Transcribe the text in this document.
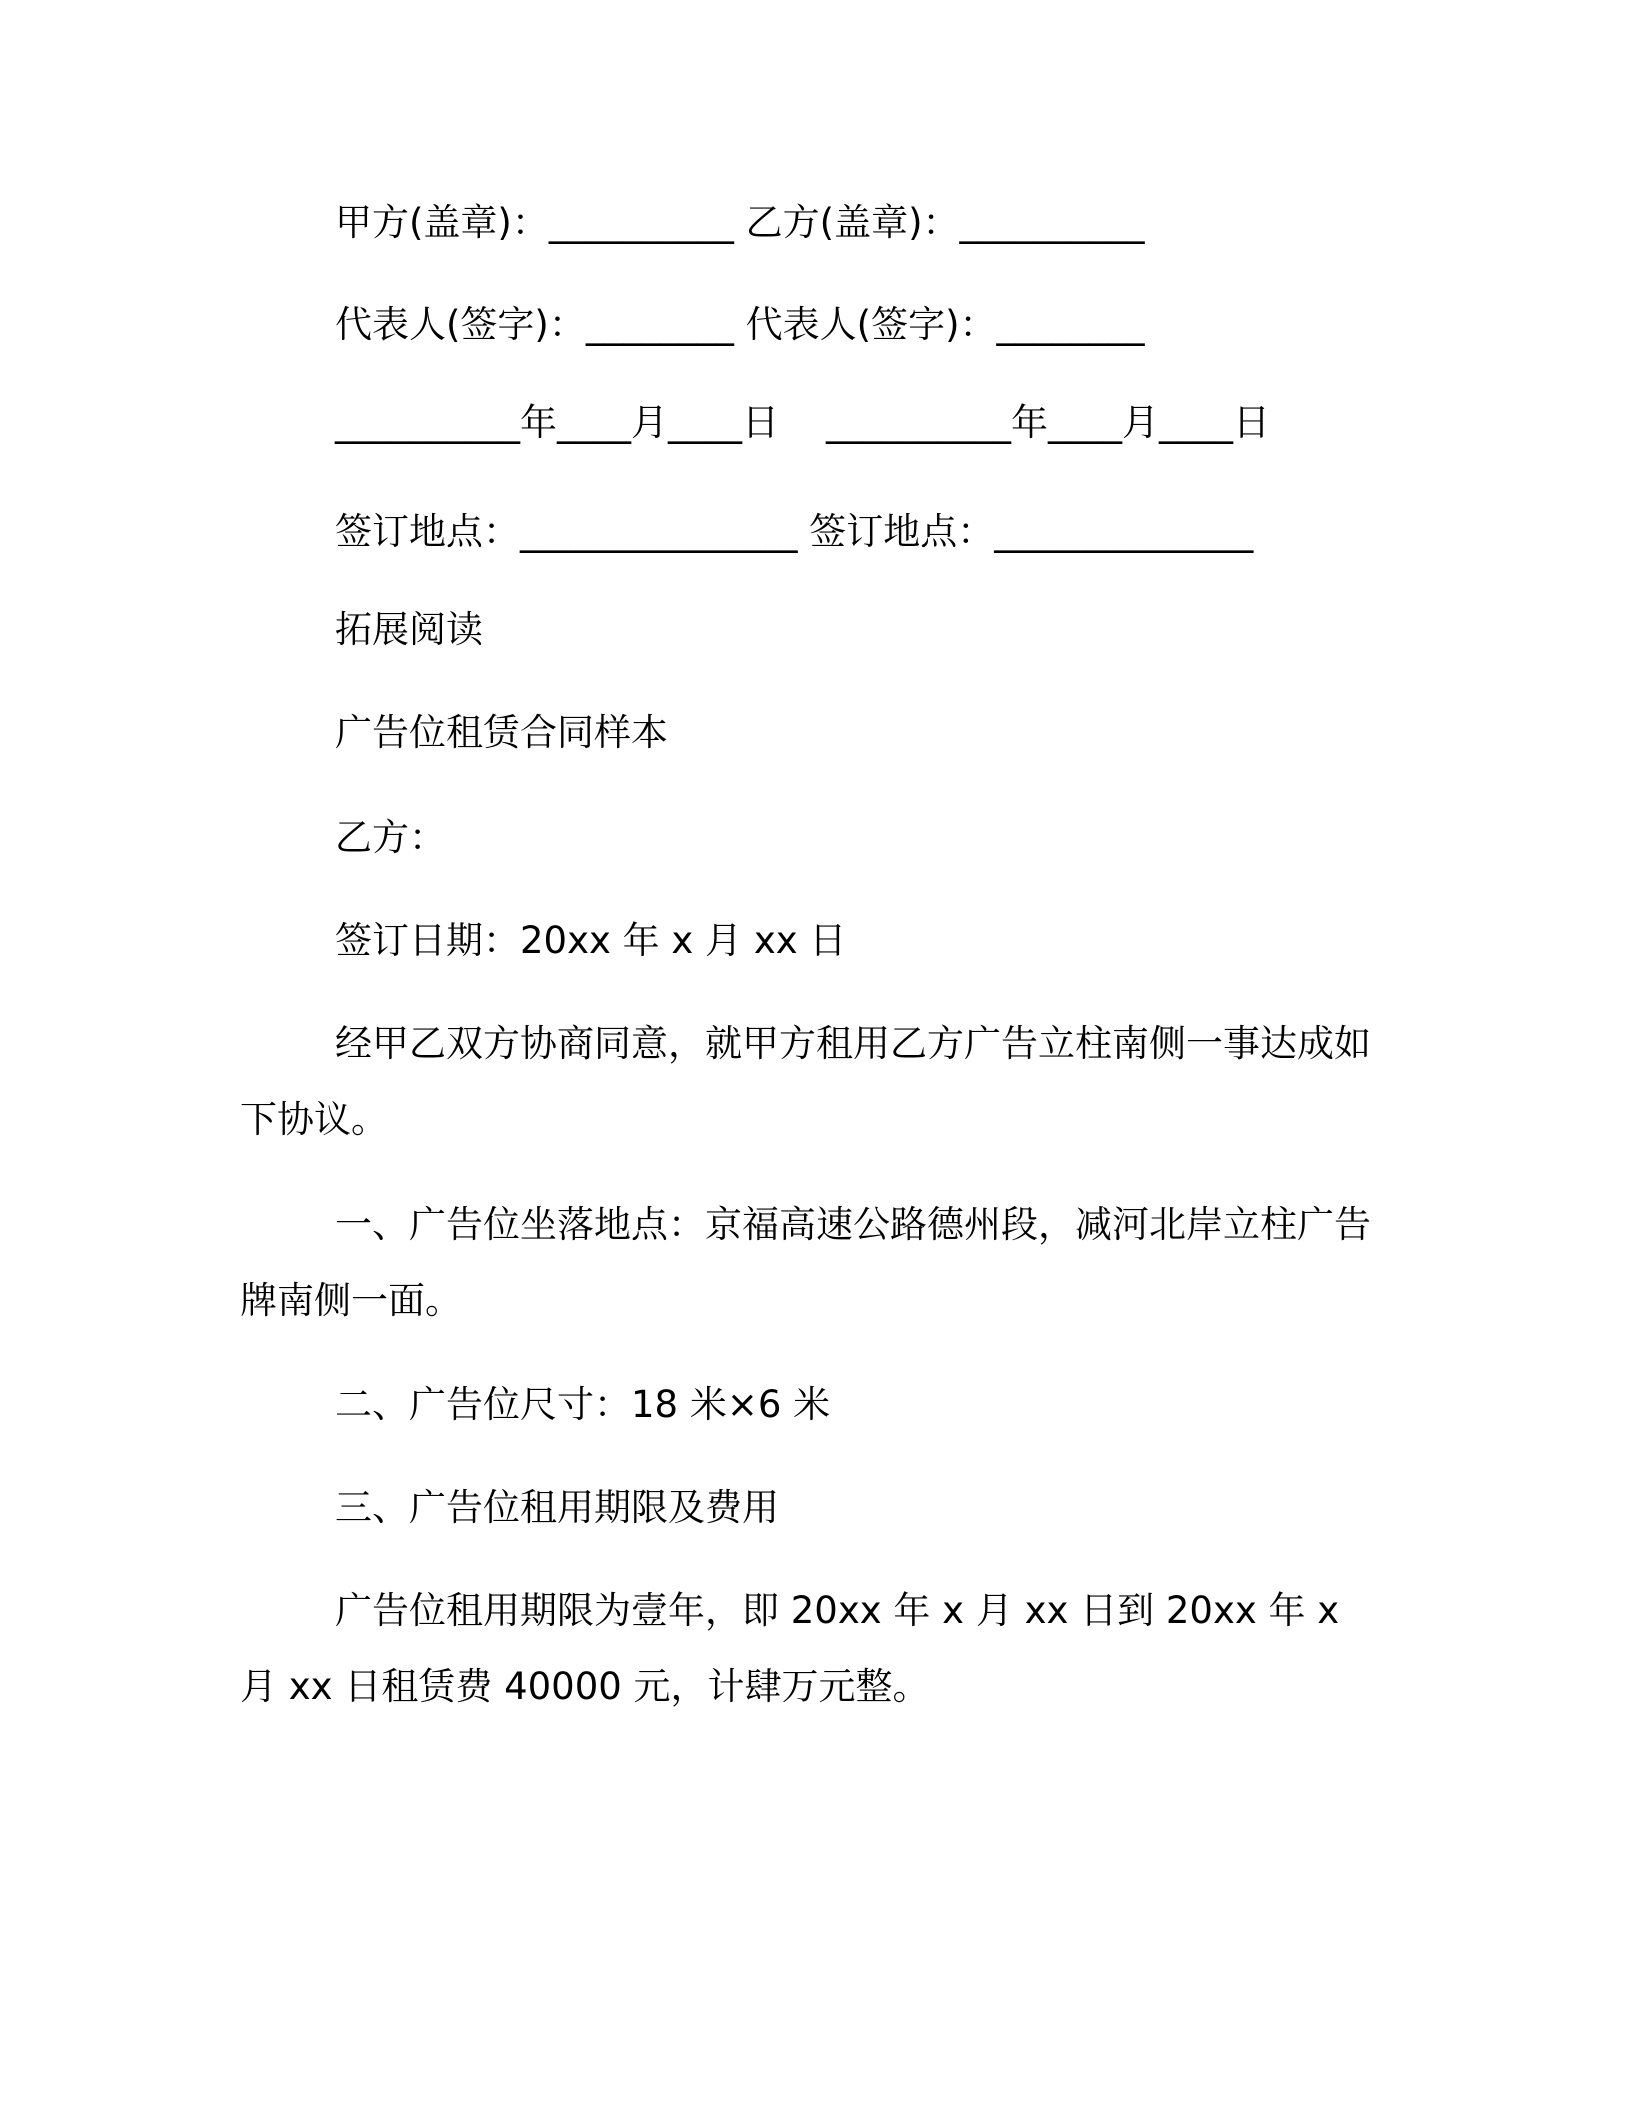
甲方(盖章)：__________ 乙方(盖章)：__________
代表人(签字)：________ 代表人(签字)：________
__________年____月____日    __________年____月____日
签订地点：_______________ 签订地点：______________
拓展阅读
广告位租赁合同样本
乙方：
签订日期：20xx 年 x 月 xx 日
经甲乙双方协商同意，就甲方租用乙方广告立柱南侧一事达成如下协议。
一、广告位坐落地点：京福高速公路德州段，减河北岸立柱广告牌南侧一面。
二、广告位尺寸：18 米×6 米
三、广告位租用期限及费用
广告位租用期限为壹年，即 20xx 年 x 月 xx 日到 20xx 年 x 月 xx 日租赁费 40000 元，计肆万元整。
